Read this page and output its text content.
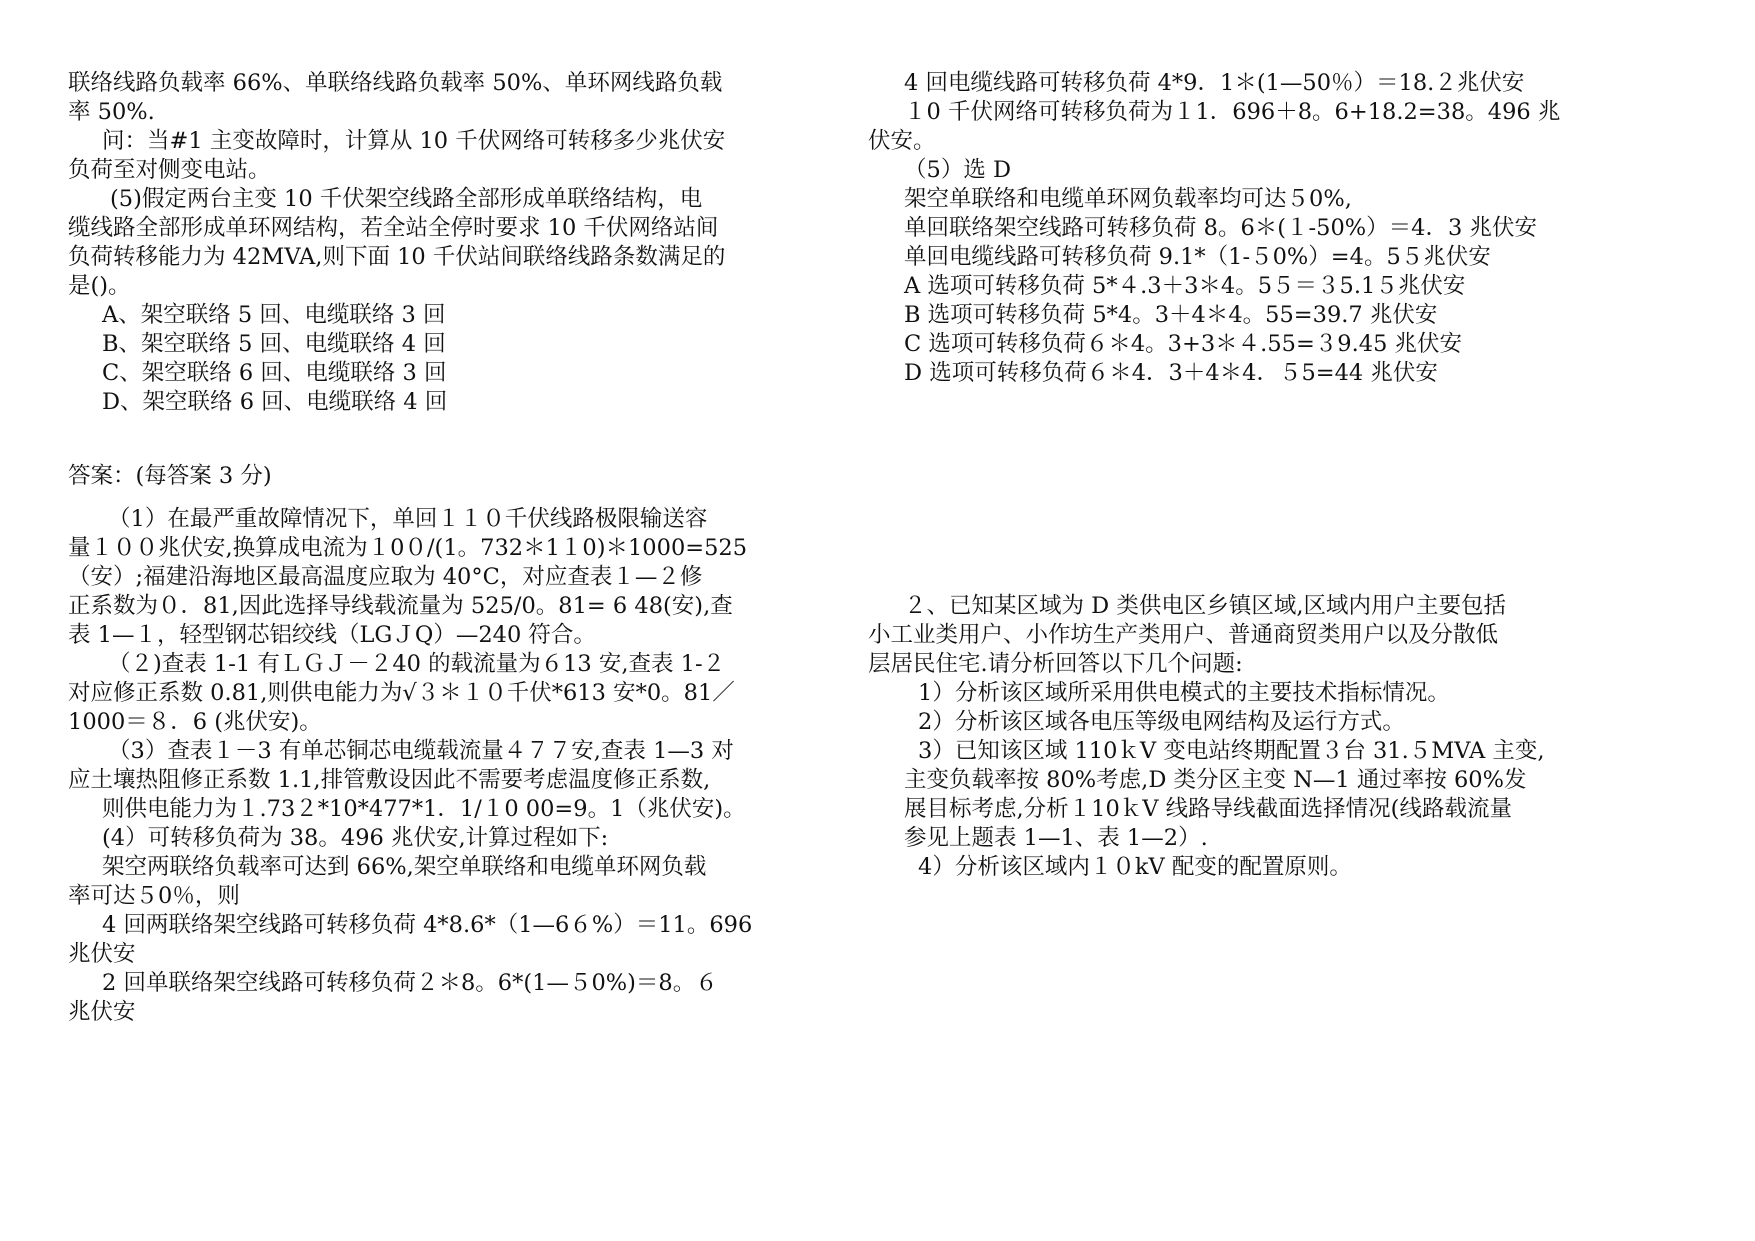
联络线路负载率 66%、单联络线路负载率 50%、单环网线路负载
率 50%.
问：当#1 主变故障时，计算从 10 千伏网络可转移多少兆伏安
负荷至对侧变电站。
(5)假定两台主变 10 千伏架空线路全部形成单联络结构，电
缆线路全部形成单环网结构，若全站全停时要求 10 千伏网络站间
负荷转移能力为 42MVA,则下面 10 千伏站间联络线路条数满足的
是()。
A、架空联络 5 回、电缆联络 3 回
B、架空联络 5 回、电缆联络 4 回
C、架空联络 6 回、电缆联络 3 回
D、架空联络 6 回、电缆联络 4 回
答案：(每答案 3 分)
（1）在最严重故障情况下，单回１１０千伏线路极限输送容
量１００兆伏安,换算成电流为１0０/(1。732＊1１0)＊1000=525
（安）;福建沿海地区最高温度应取为 40°C，对应查表１—２修
正系数为０．81,因此选择导线载流量为 525/0。81= 6 48(安),查
表 1—１，轻型钢芯铝绞线（LGＪQ）—240 符合。
（２)查表 1-1 有ＬＧＪ－２40 的载流量为６13 安,查表 1-２
对应修正系数 0.81,则供电能力为√３＊１０千伏*613 安*0。81／
1000＝８．6 (兆伏安)。
（3）查表１－3 有单芯铜芯电缆载流量４７７安,查表 1—3 对
应土壤热阻修正系数 1.1,排管敷设因此不需要考虑温度修正系数,
则供电能力为１.73２*10*477*1．1/１0 00=9。1（兆伏安)。
(4）可转移负荷为 38。496 兆伏安,计算过程如下:
架空两联络负载率可达到 66%,架空单联络和电缆单环网负载
率可达５0％，则
4 回两联络架空线路可转移负荷 4*8.6*（1—6６%）＝11。696
兆伏安
2 回单联络架空线路可转移负荷２＊8。6*(1—５0%)＝8。６
兆伏安
4 回电缆线路可转移负荷 4*9．1＊(1—50％）＝18.２兆伏安
１0 千伏网络可转移负荷为１1．696＋8。6+18.2=38。496 兆
伏安。
（5）选 D
架空单联络和电缆单环网负载率均可达５0%,
单回联络架空线路可转移负荷 8。6＊(１-50%）＝4．3 兆伏安
单回电缆线路可转移负荷 9.1*（1-５0%）=4。5５兆伏安
A 选项可转移负荷 5*４.3＋3＊4。5５＝３5.1５兆伏安
B 选项可转移负荷 5*4。3＋4＊4。55=39.7 兆伏安
C 选项可转移负荷６＊4。3+3＊４.55=３9.45 兆伏安
D 选项可转移负荷６＊4．3＋4＊4．５5=44 兆伏安
２、已知某区域为 D 类供电区乡镇区域,区域内用户主要包括
小工业类用户、小作坊生产类用户、普通商贸类用户以及分散低
层居民住宅.请分析回答以下几个问题:
1）分析该区域所采用供电模式的主要技术指标情况。
2）分析该区域各电压等级电网结构及运行方式。
3）已知该区域 110ｋV 变电站终期配置３台 31.５MVA 主变,
主变负载率按 80%考虑,D 类分区主变 N—1 通过率按 60%发
展目标考虑,分析１10ｋV 线路导线截面选择情况(线路载流量
参见上题表 1—1、表 1—2）.
4）分析该区域内１０kV 配变的配置原则。
